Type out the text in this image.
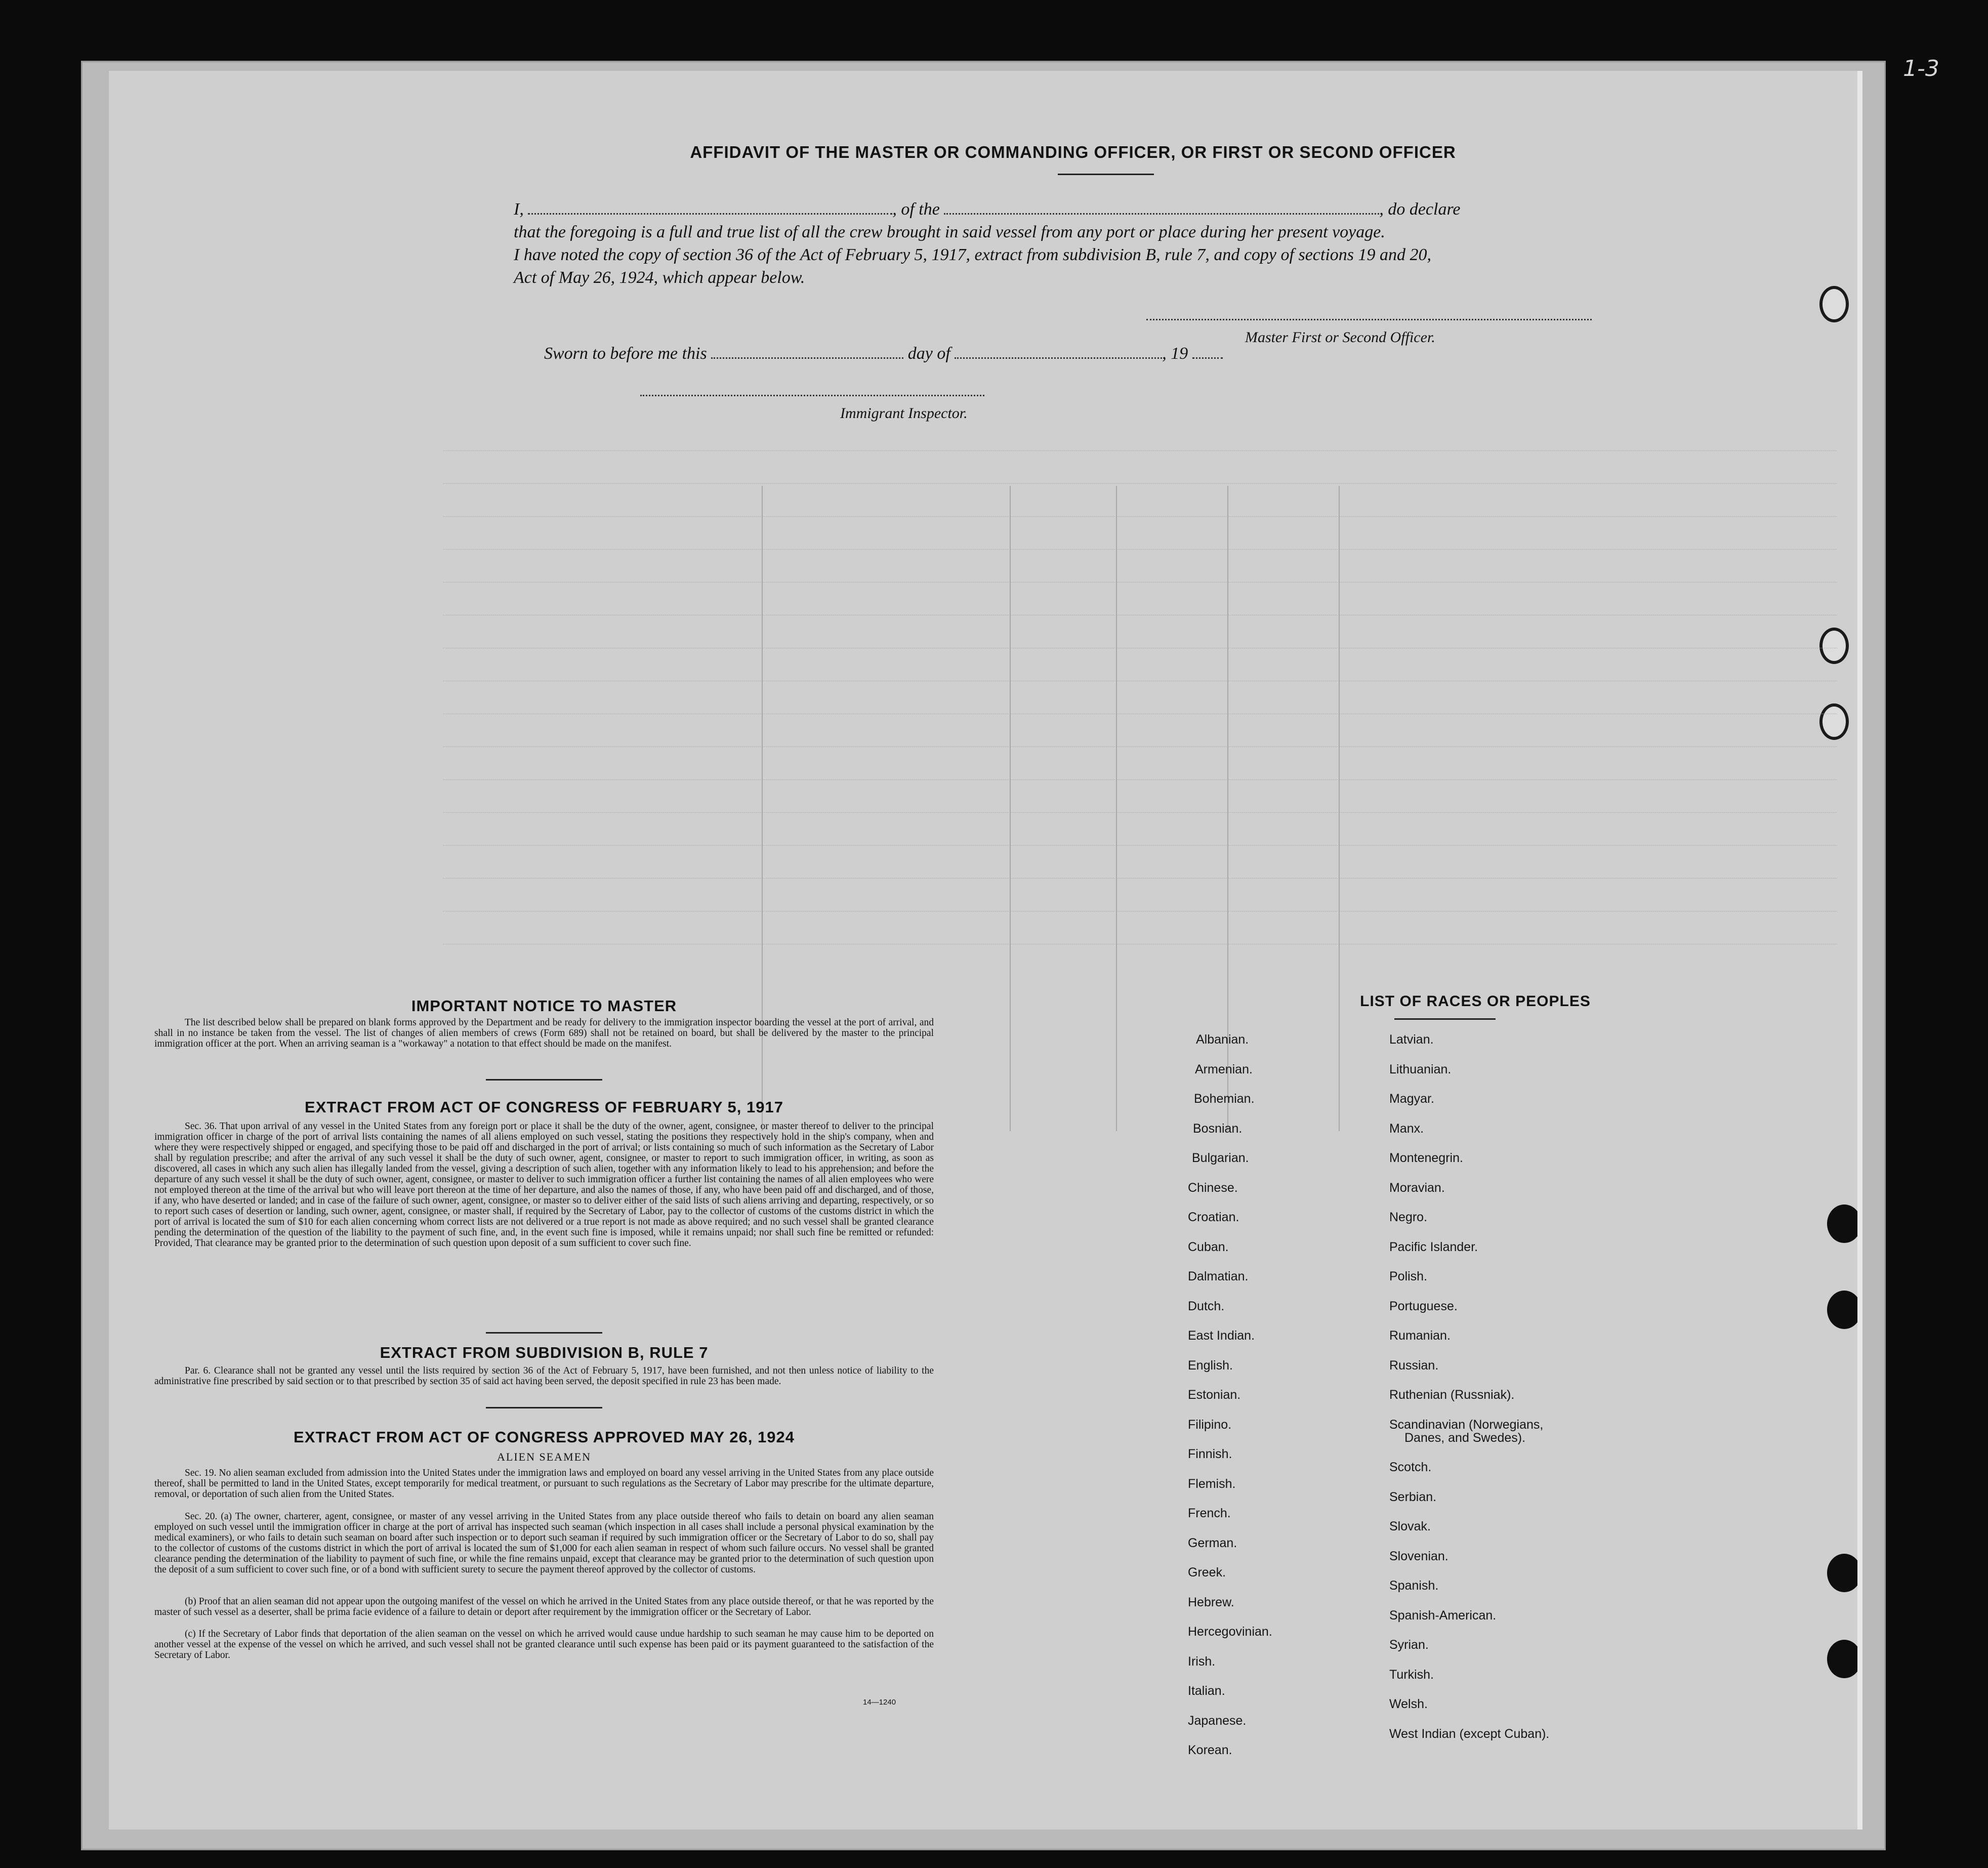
1-3
AFFIDAVIT OF THE MASTER OR COMMANDING OFFICER, OR FIRST OR SECOND OFFICER
I,	, of the	, do declare
that the foregoing is a full and true list of all the crew brought in said vessel from any port or place during her present voyage.
I have noted the copy of section 36 of the Act of February 5, 1917, extract from subdivision B, rule 7, and copy of sections 19 and 20,
Act of May 26, 1924, which appear below.
Master First or Second Officer.
Sworn to before me this	day of	, 19
Immigrant Inspector.
IMPORTANT NOTICE TO MASTER

The list described below shall be prepared on blank forms approved by the Department and be ready for delivery to the immigration inspector boarding the vessel at the port of arrival, and shall in no instance be taken from the vessel. The list of changes of alien members of crews (Form 689) shall not be retained on board, but shall be delivered by the master to the principal immigration officer at the port. When an arriving seaman is a "workaway" a notation to that effect should be made on the manifest.

EXTRACT FROM ACT OF CONGRESS OF FEBRUARY 5, 1917

Sec. 36. That upon arrival of any vessel in the United States from any foreign port or place it shall be the duty of the owner, agent, consignee, or master thereof to deliver to the principal immigration officer in charge of the port of arrival lists containing the names of all aliens employed on such vessel, stating the positions they respectively hold in the ship's company, when and where they were respectively shipped or engaged, and specifying those to be paid off and discharged in the port of arrival; or lists containing so much of such information as the Secretary of Labor shall by regulation prescribe; and after the arrival of any such vessel it shall be the duty of such owner, agent, consignee, or master to report to such immigration officer, in writing, as soon as discovered, all cases in which any such alien has illegally landed from the vessel, giving a description of such alien, together with any information likely to lead to his apprehension; and before the departure of any such vessel it shall be the duty of such owner, agent, consignee, or master to deliver to such immigration officer a further list containing the names of all alien employees who were not employed thereon at the time of the arrival but who will leave port thereon at the time of her departure, and also the names of those, if any, who have been paid off and discharged, and of those, if any, who have deserted or landed; and in case of the failure of such owner, agent, consignee, or master so to deliver either of the said lists of such aliens arriving and departing, respectively, or so to report such cases of desertion or landing, such owner, agent, consignee, or master shall, if required by the Secretary of Labor, pay to the collector of customs of the customs district in which the port of arrival is located the sum of $10 for each alien concerning whom correct lists are not delivered or a true report is not made as above required; and no such vessel shall be granted clearance pending the determination of the question of the liability to the payment of such fine, and, in the event such fine is imposed, while it remains unpaid; nor shall such fine be remitted or refunded: Provided, That clearance may be granted prior to the determination of such question upon deposit of a sum sufficient to cover such fine.

EXTRACT FROM SUBDIVISION B, RULE 7

Par. 6. Clearance shall not be granted any vessel until the lists required by section 36 of the Act of February 5, 1917, have been furnished, and not then unless notice of liability to the administrative fine prescribed by said section or to that prescribed by section 35 of said act having been served, the deposit specified in rule 23 has been made.

EXTRACT FROM ACT OF CONGRESS APPROVED MAY 26, 1924
ALIEN SEAMEN

Sec. 19. No alien seaman excluded from admission into the United States under the immigration laws and employed on board any vessel arriving in the United States from any place outside thereof, shall be permitted to land in the United States, except temporarily for medical treatment, or pursuant to such regulations as the Secretary of Labor may prescribe for the ultimate departure, removal, or deportation of such alien from the United States.

Sec. 20. (a) The owner, charterer, agent, consignee, or master of any vessel arriving in the United States from any place outside thereof who fails to detain on board any alien seaman employed on such vessel until the immigration officer in charge at the port of arrival has inspected such seaman (which inspection in all cases shall include a personal physical examination by the medical examiners), or who fails to detain such seaman on board after such inspection or to deport such seaman if required by such immigration officer or the Secretary of Labor to do so, shall pay to the collector of customs of the customs district in which the port of arrival is located the sum of $1,000 for each alien seaman in respect of whom such failure occurs. No vessel shall be granted clearance pending the determination of the liability to payment of such fine, or while the fine remains unpaid, except that clearance may be granted prior to the determination of such question upon the deposit of a sum sufficient to cover such fine, or of a bond with sufficient surety to secure the payment thereof approved by the collector of customs.

(b) Proof that an alien seaman did not appear upon the outgoing manifest of the vessel on which he arrived in the United States from any place outside thereof, or that he was reported by the master of such vessel as a deserter, shall be prima facie evidence of a failure to detain or deport after requirement by the immigration officer or the Secretary of Labor.

(c) If the Secretary of Labor finds that deportation of the alien seaman on the vessel on which he arrived would cause undue hardship to such seaman he may cause him to be deported on another vessel at the expense of the vessel on which he arrived, and such vessel shall not be granted clearance until such expense has been paid or its payment guaranteed to the satisfaction of the Secretary of Labor.

14—1240
LIST OF RACES OR PEOPLES
Albanian.
Armenian.
Bohemian.
Bosnian.
Bulgarian.
Chinese.
Croatian.
Cuban.
Dalmatian.
Dutch.
East Indian.
English.
Estonian.
Filipino.
Finnish.
Flemish.
French.
German.
Greek.
Hebrew.
Hercegovinian.
Irish.
Italian.
Japanese.
Korean.
Latvian.
Lithuanian.
Magyar.
Manx.
Montenegrin.
Moravian.
Negro.
Pacific Islander.
Polish.
Portuguese.
Rumanian.
Russian.
Ruthenian (Russniak).
Scandinavian (Norwegians,
Danes, and Swedes).
Scotch.
Serbian.
Slovak.
Slovenian.
Spanish.
Spanish-American.
Syrian.
Turkish.
Welsh.
West Indian (except Cuban).
